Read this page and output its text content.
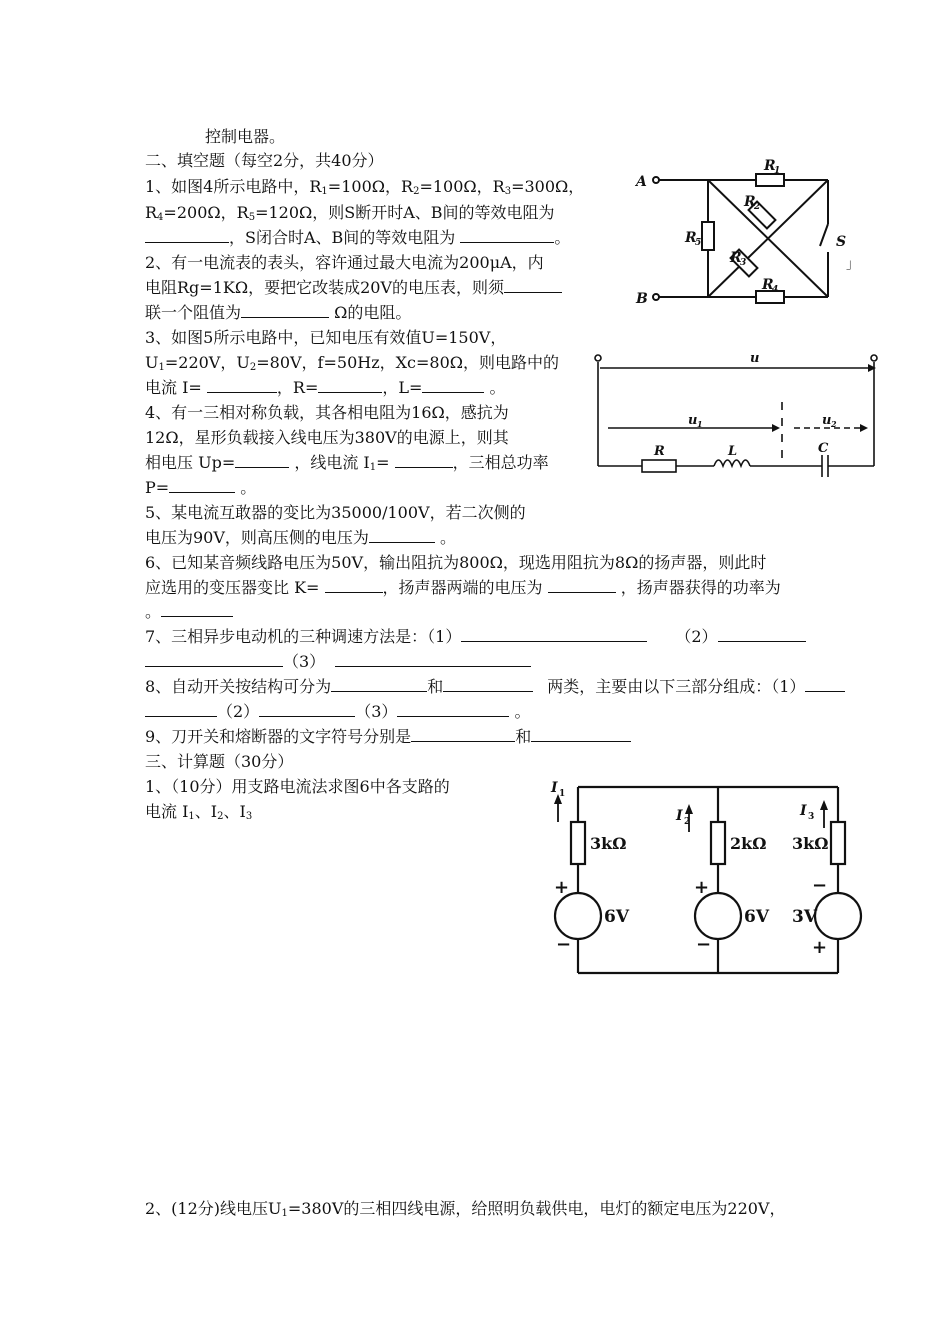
控制电器。
二、填空题（每空2分，共40分）
1、如图4所示电路中，$R_1=100\Omega$，$R_2=100\Omega$，$R_3=300\Omega$，
$R_4=200\Omega$，$R_5=120\Omega$，则S断开时A、B间的等效电阻为
，S闭合时A、B间的等效电阻为	。
2、有一电流表的表头，容许通过最大电流为200μA，内
电阻Rg=1KΩ，要把它改装成20V的电压表，则须
联一个阻值为	Ω的电阻。
3、如图5所示电路中，已知电压有效值U=150V，
$U_1=220V$，$U_2=80V$，f=50Hz，Xc=80Ω，则电路中的
电流 I=	，R=	，L=	。
4、有一三相对称负载，其各相电阻为16Ω，感抗为
12Ω，星形负载接入线电压为380V的电源上，则其
相电压 Up=	，线电流 $I_1=$	，三相总功率
P=	。
5、某电流互敢器的变比为35000/100V，若二次侧的
电压为90V，则高压侧的电压为	。
6、已知某音频线路电压为50V，输出阻抗为800Ω，现选用阻抗为8Ω的扬声器，则此时
应选用的变压器变比 K=	，扬声器两端的电压为	，扬声器获得的功率为
。
7、三相异步电动机的三种调速方法是：（1）	（2）
（3）
8、自动开关按结构可分为	和	两类，主要由以下三部分组成：（1）
（2）	（3）	。
9、刀开关和熔断器的文字符号分别是	和
三、计算题（30分）
1、（10分）用支路电流法求图6中各支路的
电流 $I_1$、$I_2$、$I_3$
2、(12分)线电压$U_1=380V$的三相四线电源，给照明负载供电，电灯的额定电压为220V，
A
B
R
1
R
2
R
3
R
4
R
5	S
」
u
u 1	u 2
R	L	C
I 1
I 2
I 3
3kΩ	2kΩ 3kΩ
6V	6V 3V
+
−
+
−
−
+
